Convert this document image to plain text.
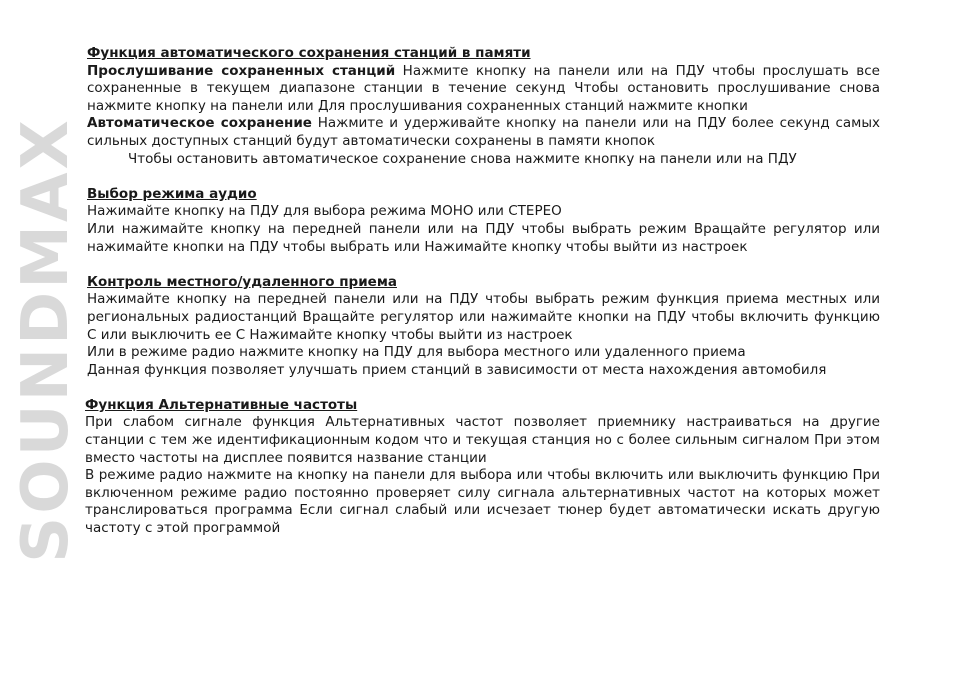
SOUNDMAX
Функция автоматического сохранения станций в памяти

Прослушивание сохраненных станций Нажмите кнопку на панели или на ПДУ чтобы прослушать все сохраненные в текущем диапазоне станции в течение секунд Чтобы остановить прослушивание снова нажмите кнопку на панели или Для прослушивания сохраненных станций нажмите кнопки

Автоматическое сохранение Нажмите и удерживайте кнопку на панели или на ПДУ более секунд самых сильных доступных станций будут автоматически сохранены в памяти кнопок

Чтобы остановить автоматическое сохранение снова нажмите кнопку на панели или на ПДУ

Выбор режима аудио

Нажимайте кнопку на ПДУ для выбора режима МОНО или СТЕРЕО

Или нажимайте кнопку на передней панели или на ПДУ чтобы выбрать режим Вращайте регулятор или нажимайте кнопки на ПДУ чтобы выбрать или Нажимайте кнопку чтобы выйти из настроек

Контроль местного/удаленного приема

Нажимайте кнопку на передней панели или на ПДУ чтобы выбрать режим функция приема местных или региональных радиостанций Вращайте регулятор или нажимайте кнопки на ПДУ чтобы включить функцию С или выключить ее С Нажимайте кнопку чтобы выйти из настроек

Или в режиме радио нажмите кнопку на ПДУ для выбора местного или удаленного приема

Данная функция позволяет улучшать прием станций в зависимости от места нахождения автомобиля

Функция Альтернативные частоты

При слабом сигнале функция Альтернативных частот позволяет приемнику настраиваться на другие станции с тем же идентификационным кодом что и текущая станция но с более сильным сигналом При этом вместо частоты на дисплее появится название станции

В режиме радио нажмите на кнопку на панели для выбора или чтобы включить или выключить функцию При включенном режиме радио постоянно проверяет силу сигнала альтернативных частот на которых может транслироваться программа Если сигнал слабый или исчезает тюнер будет автоматически искать другую частоту с этой программой
